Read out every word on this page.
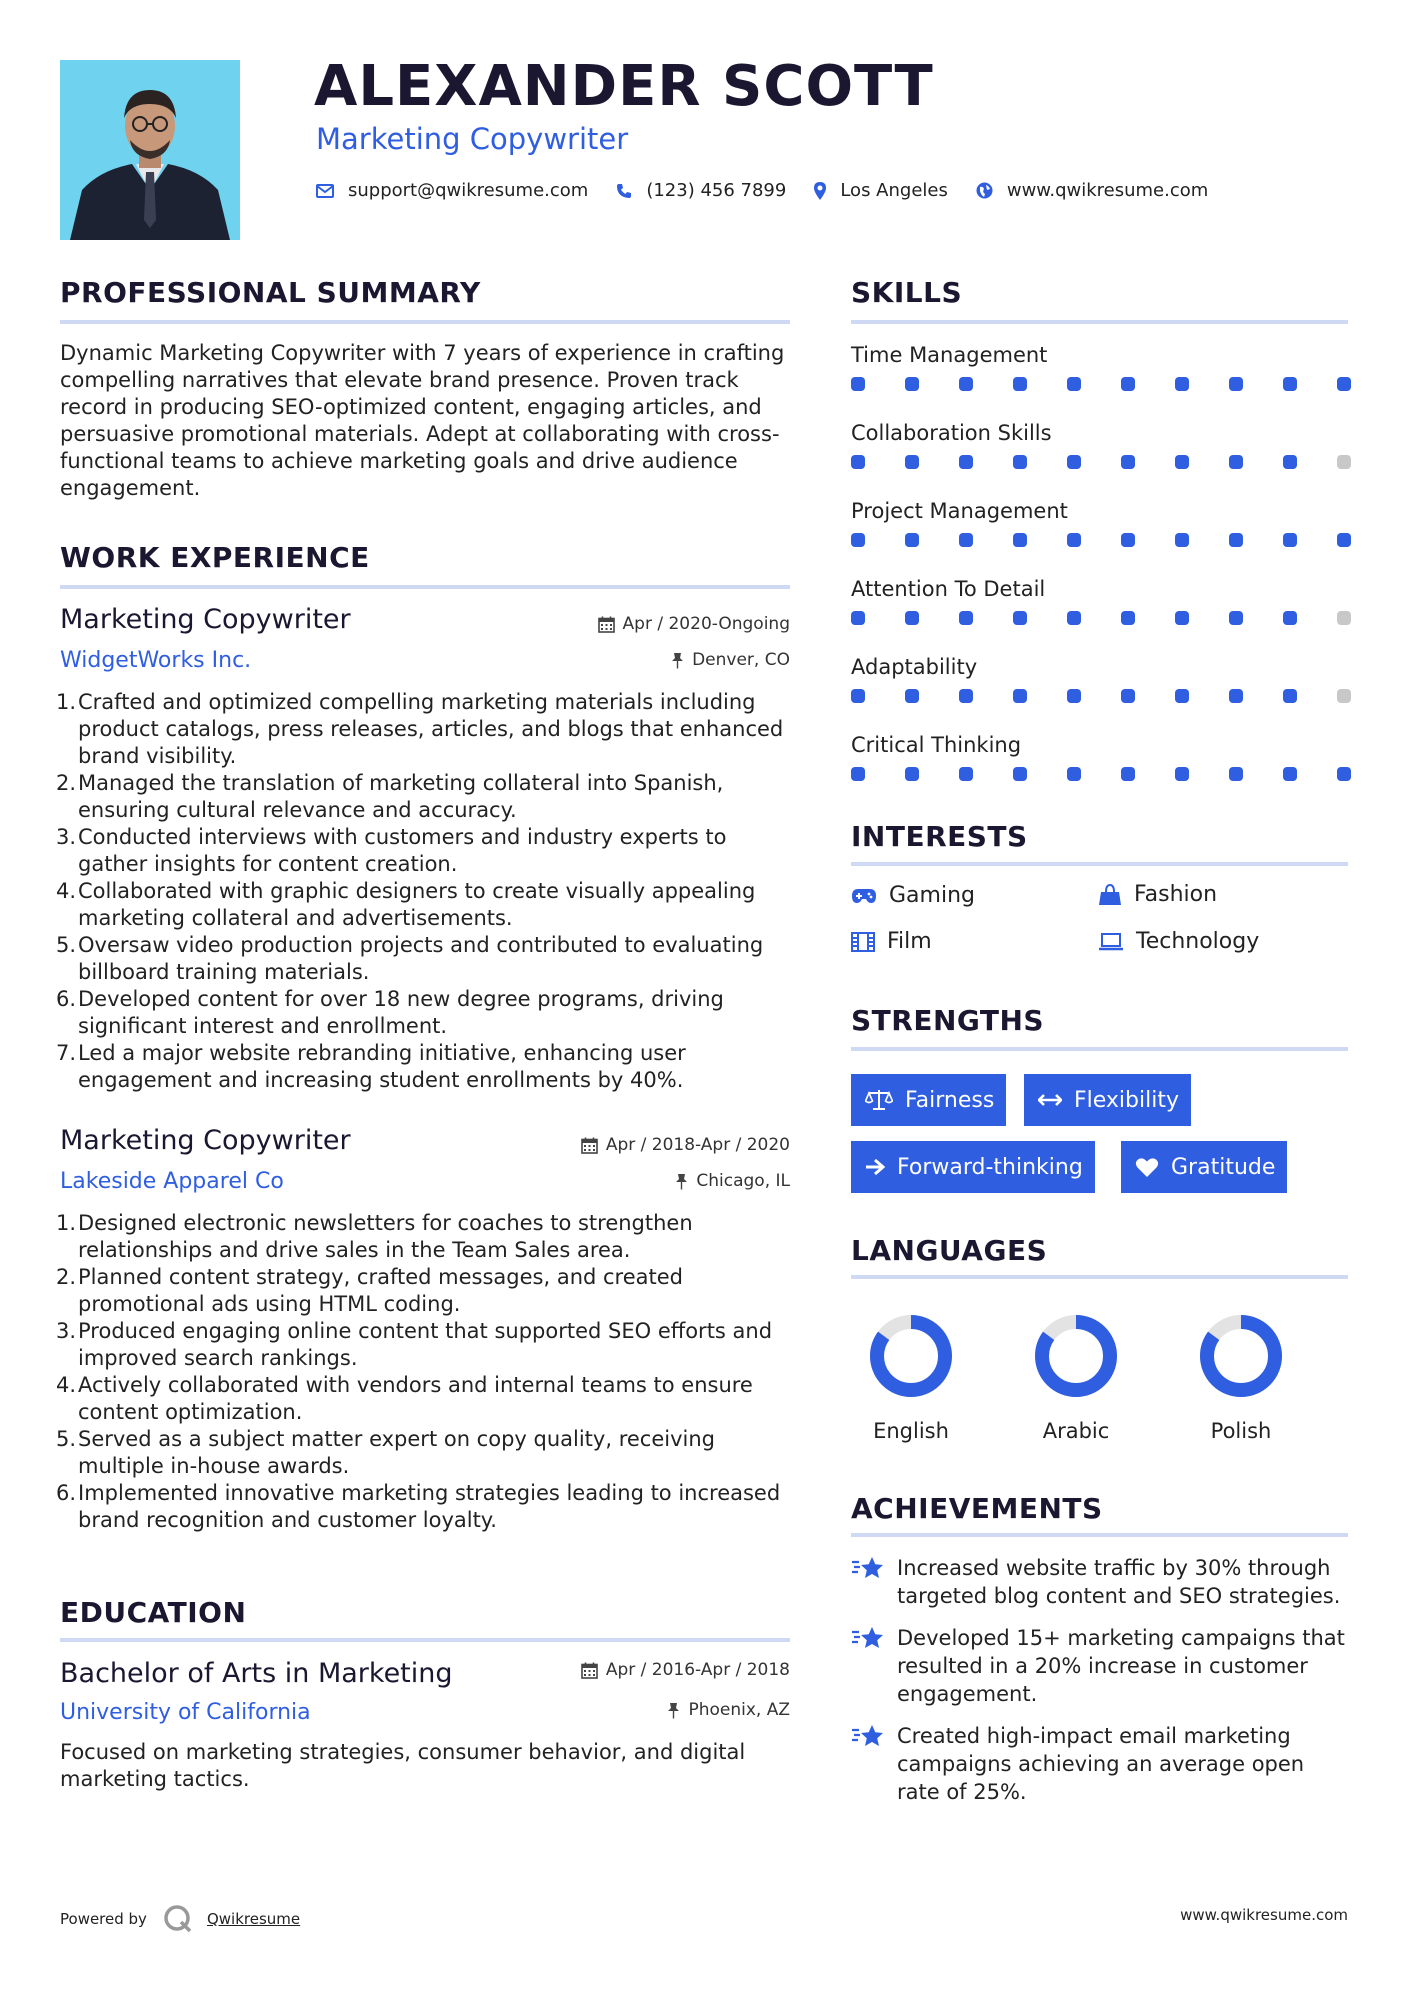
ALEXANDER SCOTT
Marketing Copywriter
support@qwikresume.com	(123) 456 7899	Los Angeles	www.qwikresume.com
PROFESSIONAL SUMMARY
Dynamic Marketing Copywriter with 7 years of experience in crafting compelling narratives that elevate brand presence. Proven track record in producing SEO-optimized content, engaging articles, and persuasive promotional materials. Adept at collaborating with cross-functional teams to achieve marketing goals and drive audience engagement.
WORK EXPERIENCE
Marketing Copywriter	Apr / 2020-Ongoing
WidgetWorks Inc.	Denver, CO
1. Crafted and optimized compelling marketing materials including product catalogs, press releases, articles, and blogs that enhanced brand visibility.
2. Managed the translation of marketing collateral into Spanish, ensuring cultural relevance and accuracy.
3. Conducted interviews with customers and industry experts to gather insights for content creation.
4. Collaborated with graphic designers to create visually appealing marketing collateral and advertisements.
5. Oversaw video production projects and contributed to evaluating billboard training materials.
6. Developed content for over 18 new degree programs, driving significant interest and enrollment.
7. Led a major website rebranding initiative, enhancing user engagement and increasing student enrollments by 40%.
Marketing Copywriter	Apr / 2018-Apr / 2020
Lakeside Apparel Co	Chicago, IL
1. Designed electronic newsletters for coaches to strengthen relationships and drive sales in the Team Sales area.
2. Planned content strategy, crafted messages, and created promotional ads using HTML coding.
3. Produced engaging online content that supported SEO efforts and improved search rankings.
4. Actively collaborated with vendors and internal teams to ensure content optimization.
5. Served as a subject matter expert on copy quality, receiving multiple in-house awards.
6. Implemented innovative marketing strategies leading to increased brand recognition and customer loyalty.
EDUCATION
Bachelor of Arts in Marketing	Apr / 2016-Apr / 2018
University of California	Phoenix, AZ
Focused on marketing strategies, consumer behavior, and digital marketing tactics.
SKILLS
Time Management
Collaboration Skills
Project Management
Attention To Detail
Adaptability
Critical Thinking
INTERESTS
Gaming	Fashion
Film	Technology
STRENGTHS
Fairness	Flexibility
Forward-thinking	Gratitude
LANGUAGES
English	Arabic	Polish
ACHIEVEMENTS
Increased website traffic by 30% through targeted blog content and SEO strategies.
Developed 15+ marketing campaigns that resulted in a 20% increase in customer engagement.
Created high-impact email marketing campaigns achieving an average open rate of 25%.
Powered by	Qwikresume	www.qwikresume.com
